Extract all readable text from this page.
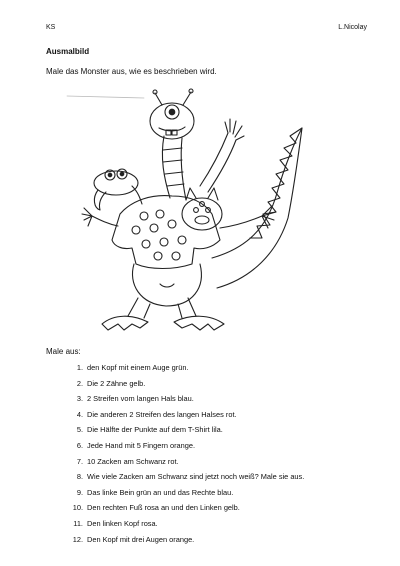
KS	L.Nicolay
Ausmalbild
Male das Monster aus, wie es beschrieben wird.
Male aus:
1. den Kopf mit einem Auge grün.
2. Die 2 Zähne gelb.
3. 2 Streifen vom langen Hals blau.
4. Die anderen 2 Streifen des langen Halses rot.
5. Die Hälfte der Punkte auf dem T-Shirt lila.
6. Jede Hand mit 5 Fingern orange.
7. 10 Zacken am Schwanz rot.
8. Wie viele Zacken am Schwanz sind jetzt noch weiß? Male sie aus.
9. Das linke Bein grün an und das Rechte blau.
10. Den rechten Fuß rosa an und den Linken gelb.
11. Den linken Kopf rosa.
12. Den Kopf mit drei Augen orange.
